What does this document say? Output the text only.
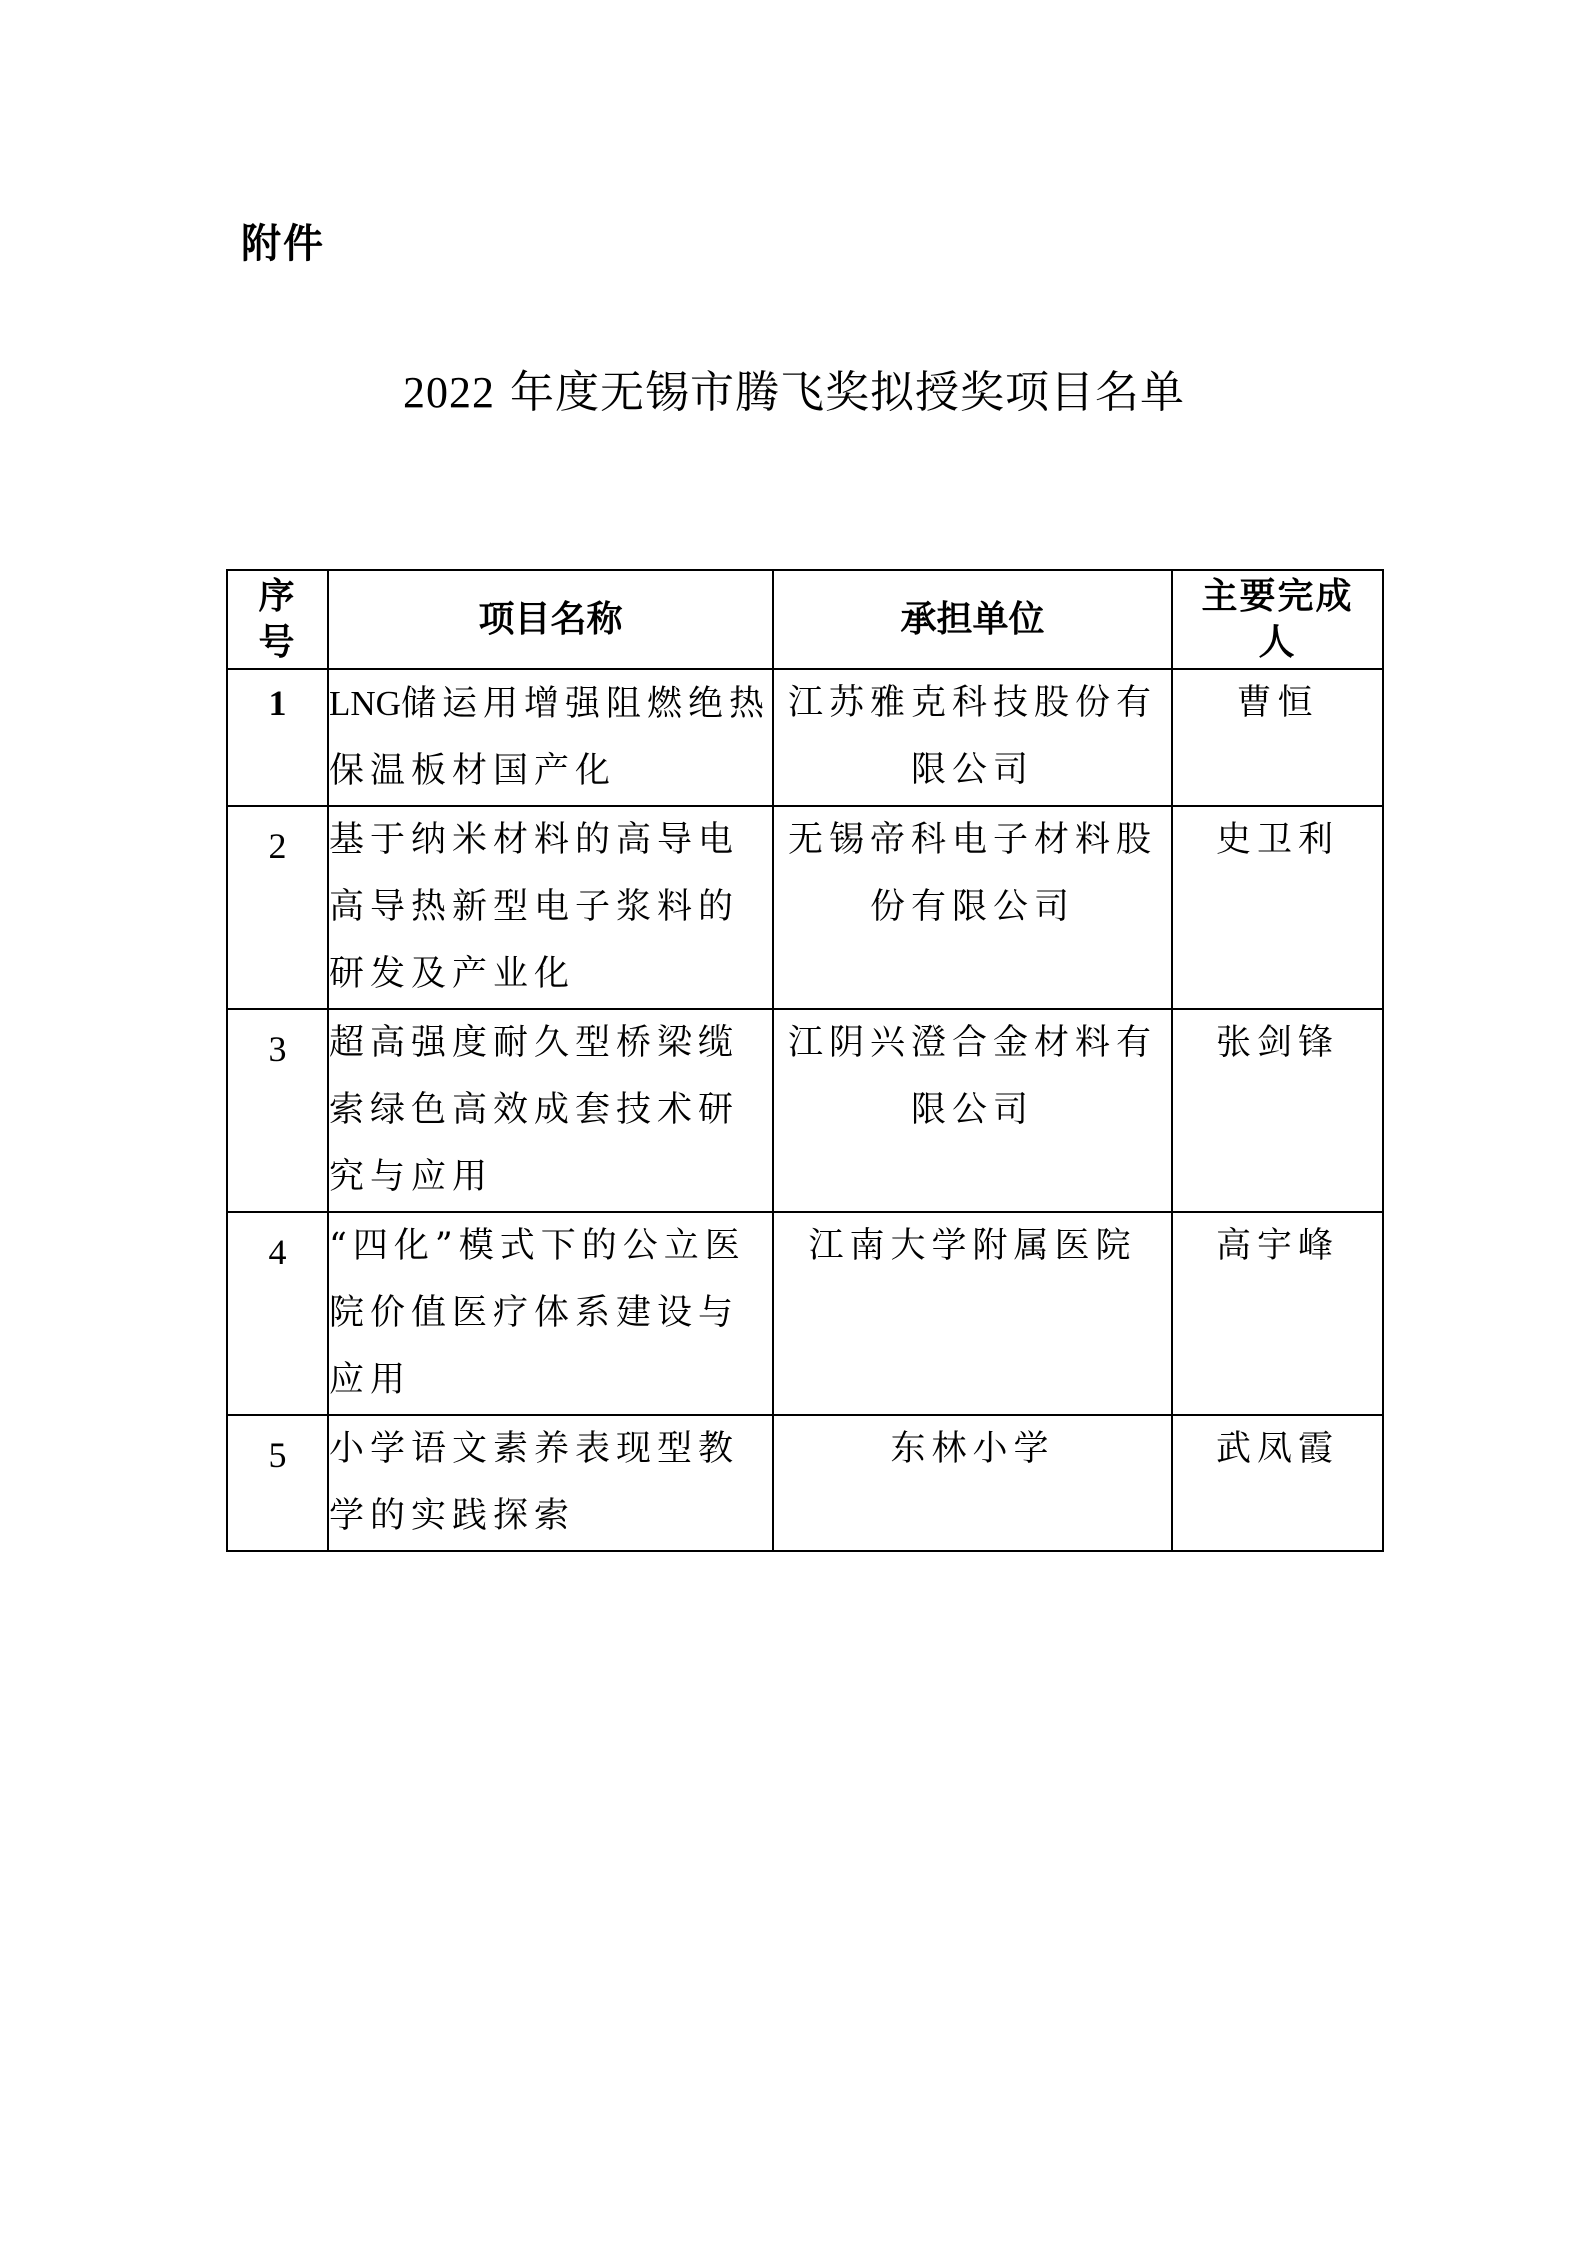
附件
2022 年度无锡市腾飞奖拟授奖项目名单
序号	项目名称	承担单位	主要完成人

1	LNG储运用增强阻燃绝热保温板材国产化	江苏雅克科技股份有限公司	曹恒
2	基于纳米材料的高导电高导热新型电子浆料的研发及产业化	无锡帝科电子材料股份有限公司	史卫利
3	超高强度耐久型桥梁缆索绿色高效成套技术研究与应用	江阴兴澄合金材料有限公司	张剑锋
4	“四化”模式下的公立医院价值医疗体系建设与应用	江南大学附属医院	高宇峰
5	小学语文素养表现型教学的实践探索	东林小学	武凤霞
